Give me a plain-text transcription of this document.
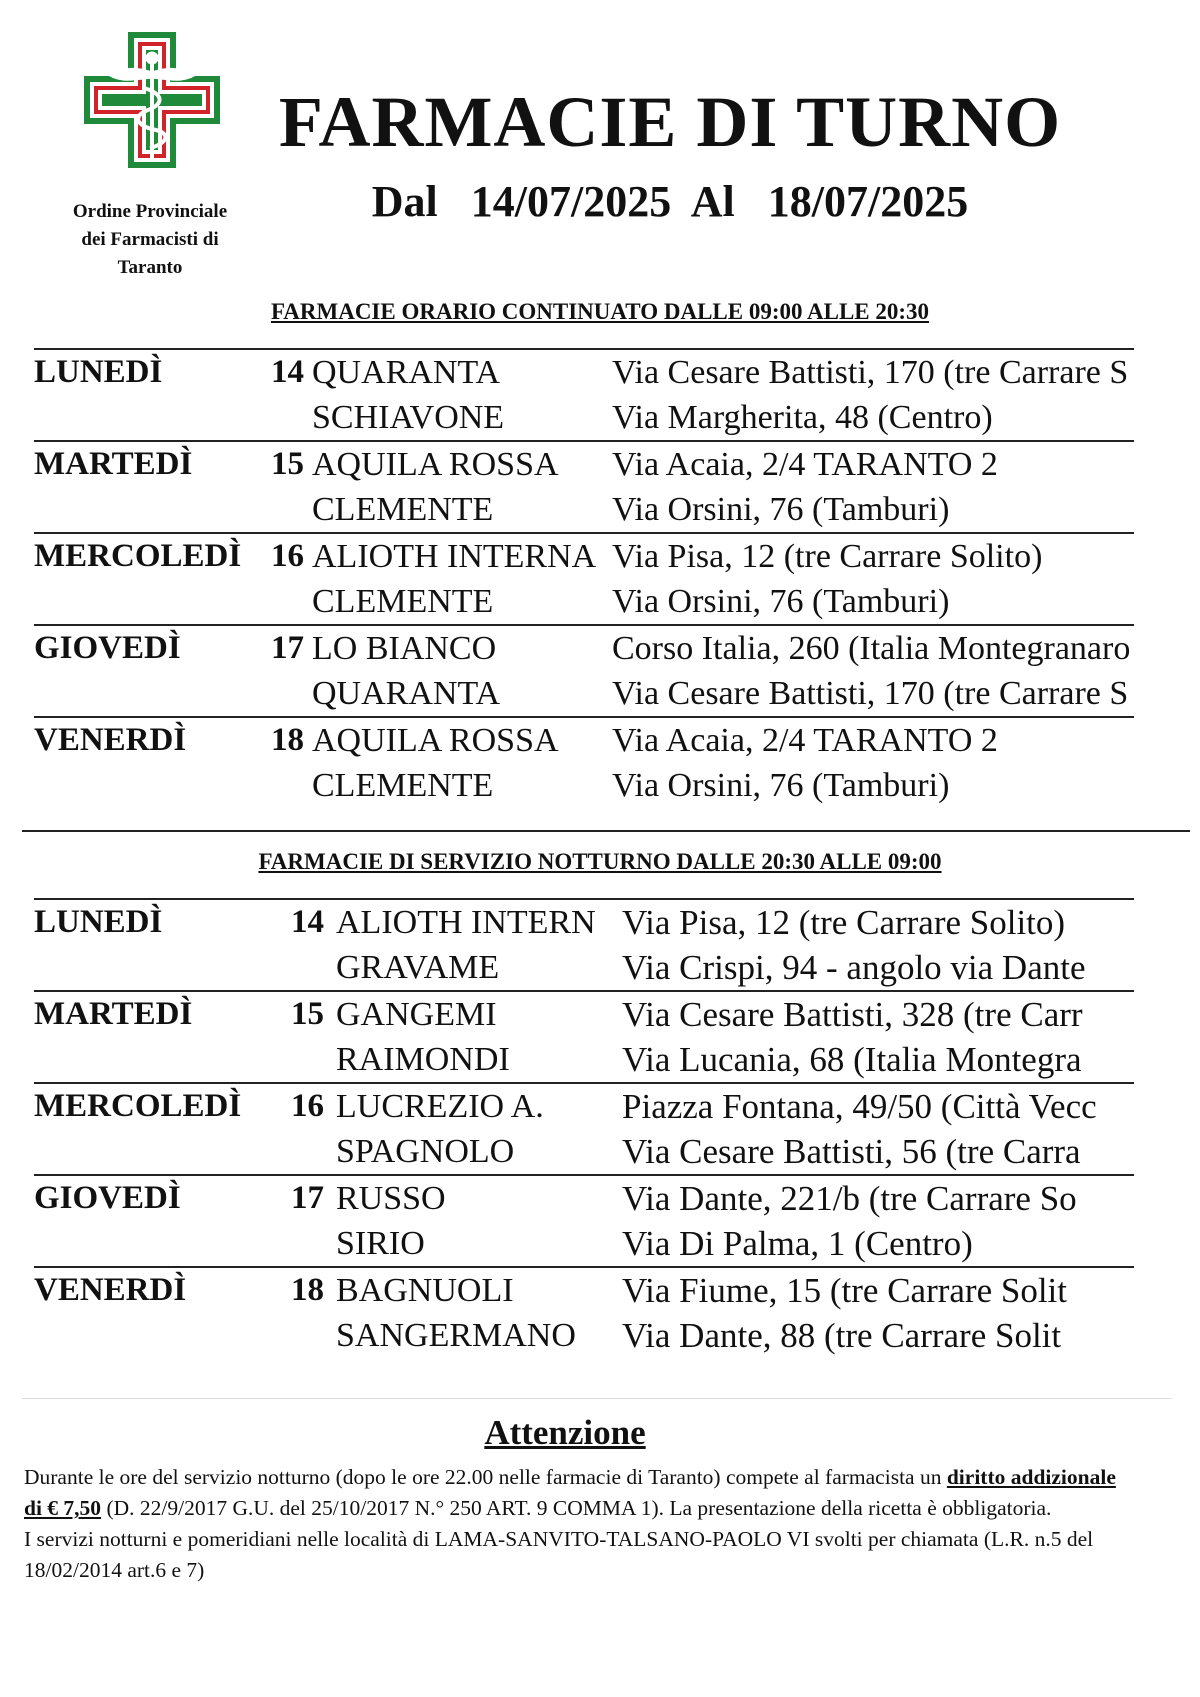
Ordine Provinciale
dei Farmacisti di
Taranto
FARMACIE DI TURNO
Dal   14/07/2025  Al   18/07/2025
FARMACIE ORARIO CONTINUATO DALLE 09:00 ALLE 20:30
LUNEDÌ	14 QUARANTA	Via Cesare Battisti, 170 (tre Carrare S
SCHIAVONE	Via Margherita, 48 (Centro)
MARTEDÌ	15 AQUILA ROSSA	Via Acaia, 2/4 TARANTO 2
CLEMENTE	Via Orsini, 76 (Tamburi)
MERCOLEDÌ 16 ALIOTH INTERNA Via Pisa, 12 (tre Carrare Solito)
CLEMENTE	Via Orsini, 76 (Tamburi)
GIOVEDÌ	17 LO BIANCO	Corso Italia, 260 (Italia Montegranaro
QUARANTA	Via Cesare Battisti, 170 (tre Carrare S
VENERDÌ	18 AQUILA ROSSA	Via Acaia, 2/4 TARANTO 2
CLEMENTE	Via Orsini, 76 (Tamburi)
FARMACIE DI SERVIZIO NOTTURNO DALLE 20:30 ALLE 09:00
LUNEDÌ	14 ALIOTH INTERN Via Pisa, 12 (tre Carrare Solito)
GRAVAME	Via Crispi, 94 - angolo via Dante
MARTEDÌ	15 GANGEMI	Via Cesare Battisti, 328 (tre Carr
RAIMONDI	Via Lucania, 68 (Italia Montegra
MERCOLEDÌ	16 LUCREZIO A.	Piazza Fontana, 49/50 (Città Vecc
SPAGNOLO	Via Cesare Battisti, 56 (tre Carra
GIOVEDÌ	17 RUSSO	Via Dante, 221/b (tre Carrare So
SIRIO	Via Di Palma, 1 (Centro)
VENERDÌ	18 BAGNUOLI	Via Fiume, 15 (tre Carrare Solit
SANGERMANO	Via Dante, 88 (tre Carrare Solit
Attenzione

Durante le ore del servizio notturno (dopo le ore 22.00 nelle farmacie di Taranto) compete al farmacista un diritto addizionale di € 7,50 (D. 22/9/2017 G.U. del 25/10/2017 N.° 250 ART. 9 COMMA 1). La presentazione della ricetta è obbligatoria.

I servizi notturni e pomeridiani nelle località di LAMA-SANVITO-TALSANO-PAOLO VI svolti per chiamata (L.R. n.5 del 18/02/2014 art.6 e 7)
